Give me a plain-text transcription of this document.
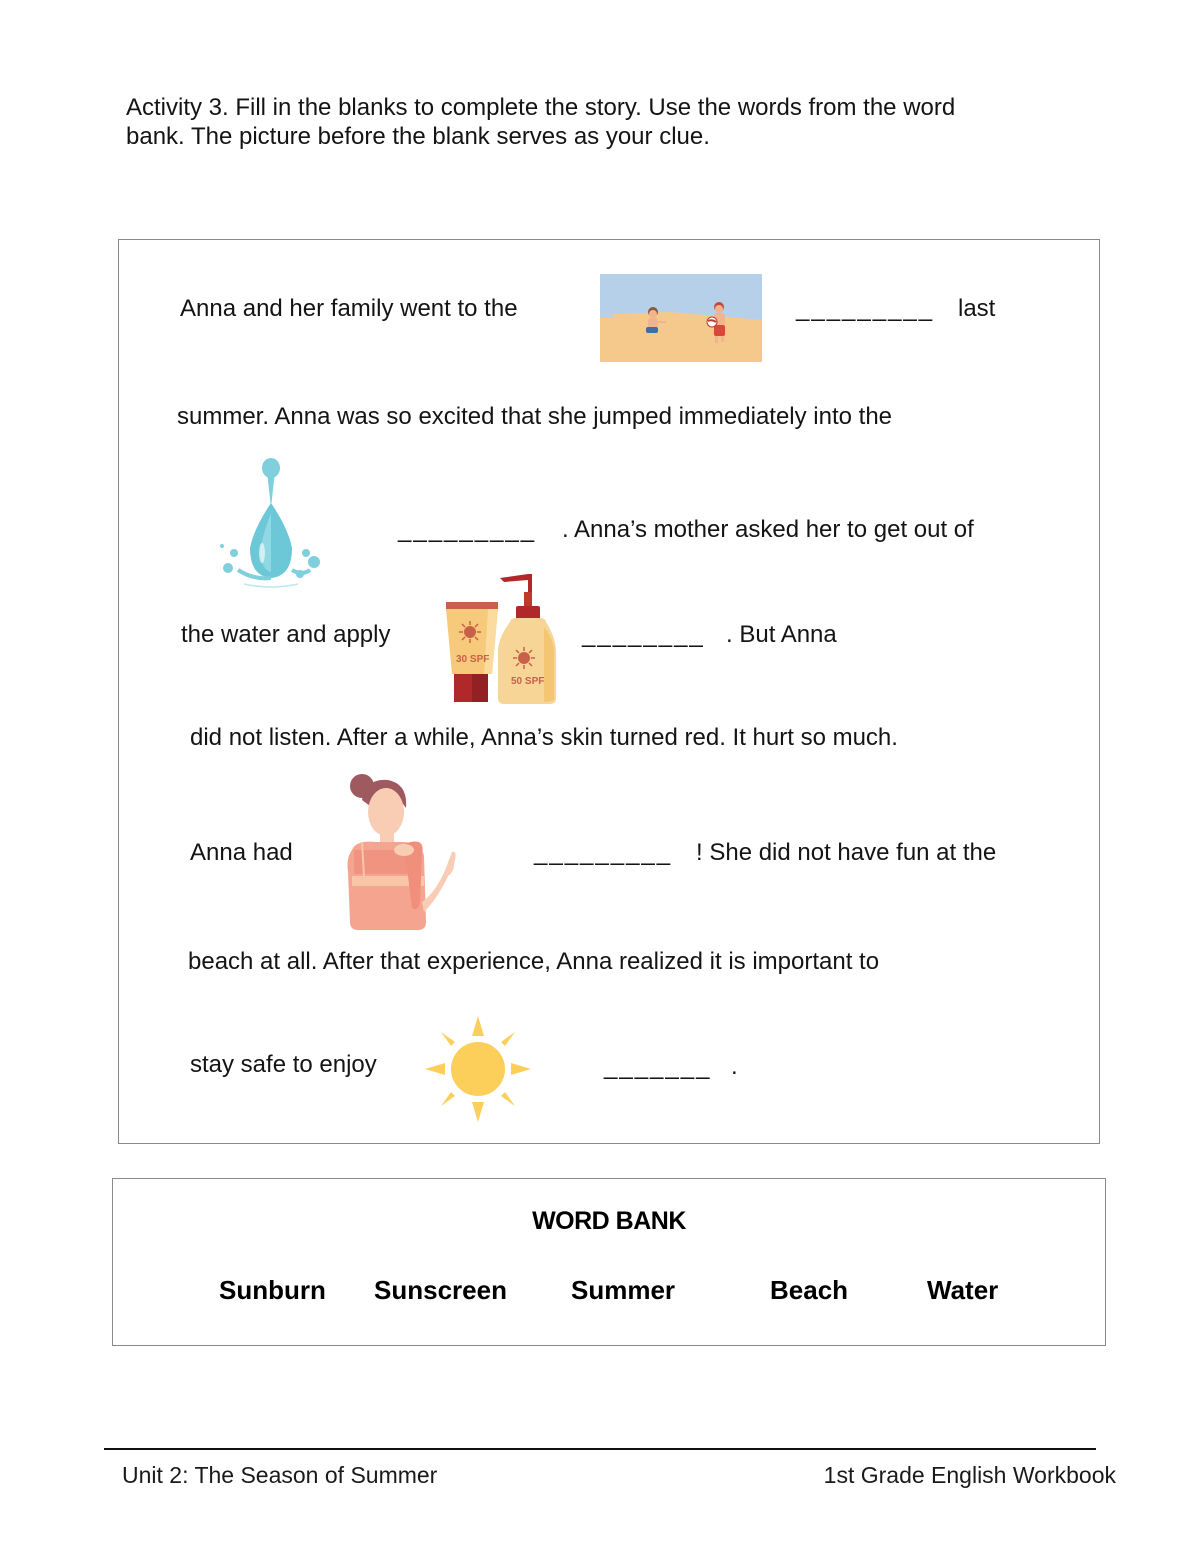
Activity 3. Fill in the blanks to complete the story. Use the words from the word
bank. The picture before the blank serves as your clue.
Anna and her family went to the	_________ last
summer. Anna was so excited that she jumped immediately into the
_________ . Anna’s mother asked her to get out of
the water and apply
30 SPF
50 SPF
________ . But Anna
did not listen. After a while, Anna’s skin turned red. It hurt so much.
Anna had	_________ ! She did not have fun at the
beach at all. After that experience, Anna realized it is important to
stay safe to enjoy	_______ .
WORD BANK
Sunburn Sunscreen Summer	Beach	Water
Unit 2: The Season of Summer	1st Grade English Workbook
